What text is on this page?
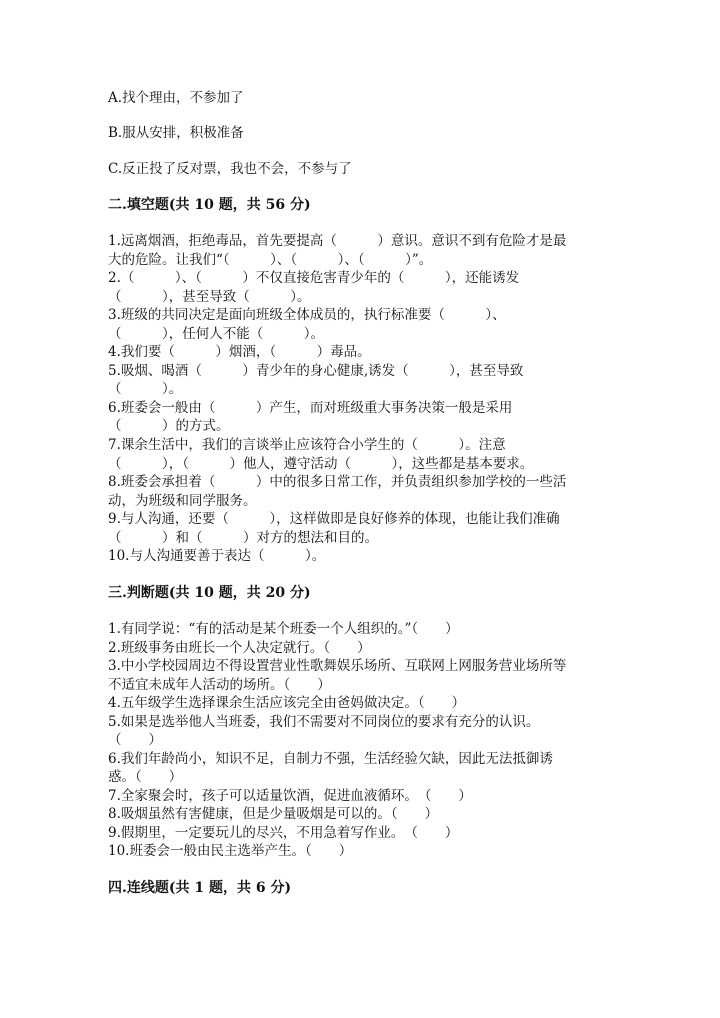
A.找个理由，不参加了
B.服从安排，积极准备
C.反正投了反对票，我也不会，不参与了
二.填空题(共 10 题，共 56 分)
1.远离烟酒，拒绝毒品，首先要提高（　　　）意识。意识不到有危险才是最
大的危险。让我们“（　　　）、（　　　）、（　　　）”。
2.（　　　）、（　　　）不仅直接危害青少年的（　　　），还能诱发
（　　　），甚至导致（　　　）。
3.班级的共同决定是面向班级全体成员的，执行标准要（　　　）、
（　　　），任何人不能（　　　）。
4.我们要（　　　）烟酒，（　　　）毒品。
5.吸烟、喝酒（　　　）青少年的身心健康,诱发（　　　），甚至导致
（　　　）。
6.班委会一般由（　　　）产生，而对班级重大事务决策一般是采用
（　　　）的方式。
7.课余生活中，我们的言谈举止应该符合小学生的（　　　）。注意
（　　　），（　　　）他人，遵守活动（　　　），这些都是基本要求。
8.班委会承担着（　　　）中的很多日常工作，并负责组织参加学校的一些活
动，为班级和同学服务。
9.与人沟通，还要（　　　），这样做即是良好修养的体现，也能让我们准确
（　　　）和（　　　）对方的想法和目的。
10.与人沟通要善于表达（　　　）。
三.判断题(共 10 题，共 20 分)
1.有同学说：“有的活动是某个班委一个人组织的。”（　　）
2.班级事务由班长一个人决定就行。（　　）
3.中小学校园周边不得设置营业性歌舞娱乐场所、互联网上网服务营业场所等
不适宜未成年人活动的场所。（　　）
4.五年级学生选择课余生活应该完全由爸妈做决定。（　　）
5.如果是选举他人当班委，我们不需要对不同岗位的要求有充分的认识。
（　　）
6.我们年龄尚小，知识不足，自制力不强，生活经验欠缺，因此无法抵御诱
惑。（　　）
7.全家聚会时，孩子可以适量饮酒，促进血液循环。　（　　）
8.吸烟虽然有害健康，但是少量吸烟是可以的。（　　）
9.假期里，一定要玩儿的尽兴，不用急着写作业。　（　　）
10.班委会一般由民主选举产生。（　　）
四.连线题(共 1 题，共 6 分)
